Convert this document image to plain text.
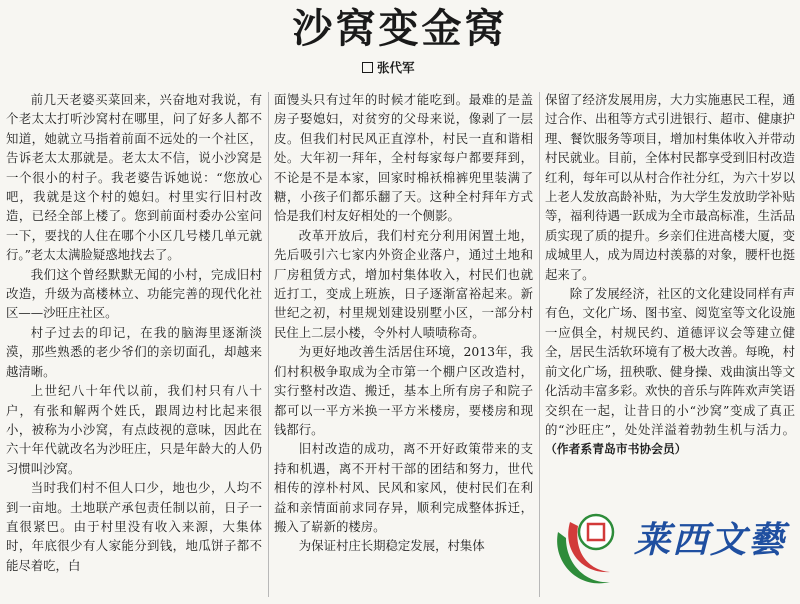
沙窝变金窝
张代军

前几天老婆买菜回来，兴奋地对我说，有个老太太打听沙窝村在哪里，问了好多人都不知道，她就立马指着前面不远处的一个社区，告诉老太太那就是。老太太不信，说小沙窝是一个很小的村子。我老婆告诉她说：“您放心吧，我就是这个村的媳妇。村里实行旧村改造，已经全部上楼了。您到前面村委办公室问一下，要找的人住在哪个小区几号楼几单元就行。”老太太满脸疑惑地找去了。

我们这个曾经默默无闻的小村，完成旧村改造，升级为高楼林立、功能完善的现代化社区——沙旺庄社区。

村子过去的印记，在我的脑海里逐渐淡漠，那些熟悉的老少爷们的亲切面孔，却越来越清晰。

上世纪八十年代以前，我们村只有八十户，有张和解两个姓氏，跟周边村比起来很小，被称为小沙窝，有点歧视的意味，因此在六十年代就改名为沙旺庄，只是年龄大的人仍习惯叫沙窝。

当时我们村不但人口少，地也少，人均不到一亩地。土地联产承包责任制以前，日子一直很紧巴。由于村里没有收入来源，大集体时，年底很少有人家能分到钱，地瓜饼子都不能尽着吃，白

面馒头只有过年的时候才能吃到。最难的是盖房子娶媳妇，对贫穷的父母来说，像剥了一层皮。但我们村民风正直淳朴，村民一直和谐相处。大年初一拜年，全村每家每户都要拜到，不论是不是本家，回家时棉袄棉裤兜里装满了糖，小孩子们都乐翻了天。这种全村拜年方式恰是我们村友好相处的一个侧影。

改革开放后，我们村充分利用闲置土地，先后吸引六七家内外资企业落户，通过土地和厂房租赁方式，增加村集体收入，村民们也就近打工，变成上班族，日子逐渐富裕起来。新世纪之初，村里规划建设别墅小区，一部分村民住上二层小楼，令外村人啧啧称奇。

为更好地改善生活居住环境，2013年，我们村积极争取成为全市第一个棚户区改造村，实行整村改造、搬迁，基本上所有房子和院子都可以一平方米换一平方米楼房，要楼房和现钱都行。

旧村改造的成功，离不开好政策带来的支持和机遇，离不开村干部的团结和努力，世代相传的淳朴村风、民风和家风，使村民们在利益和亲情面前求同存异，顺利完成整体拆迁，搬入了崭新的楼房。

为保证村庄长期稳定发展，村集体

保留了经济发展用房，大力实施惠民工程，通过合作、出租等方式引进银行、超市、健康护理、餐饮服务等项目，增加村集体收入并带动村民就业。目前，全体村民都享受到旧村改造红利，每年可以从村合作社分红，为六十岁以上老人发放高龄补贴，为大学生发放助学补贴等，福利待遇一跃成为全市最高标准，生活品质实现了质的提升。乡亲们住进高楼大厦，变成城里人，成为周边村羡慕的对象，腰杆也挺起来了。

除了发展经济，社区的文化建设同样有声有色，文化广场、图书室、阅览室等文化设施一应俱全，村规民约、道德评议会等建立健全，居民生活软环境有了极大改善。每晚，村前文化广场，扭秧歌、健身操、戏曲演出等文化活动丰富多彩。欢快的音乐与阵阵欢声笑语交织在一起，让昔日的小“沙窝”变成了真正的“沙旺庄”，处处洋溢着勃勃生机与活力。（作者系青岛市书协会员）

莱西文藝
